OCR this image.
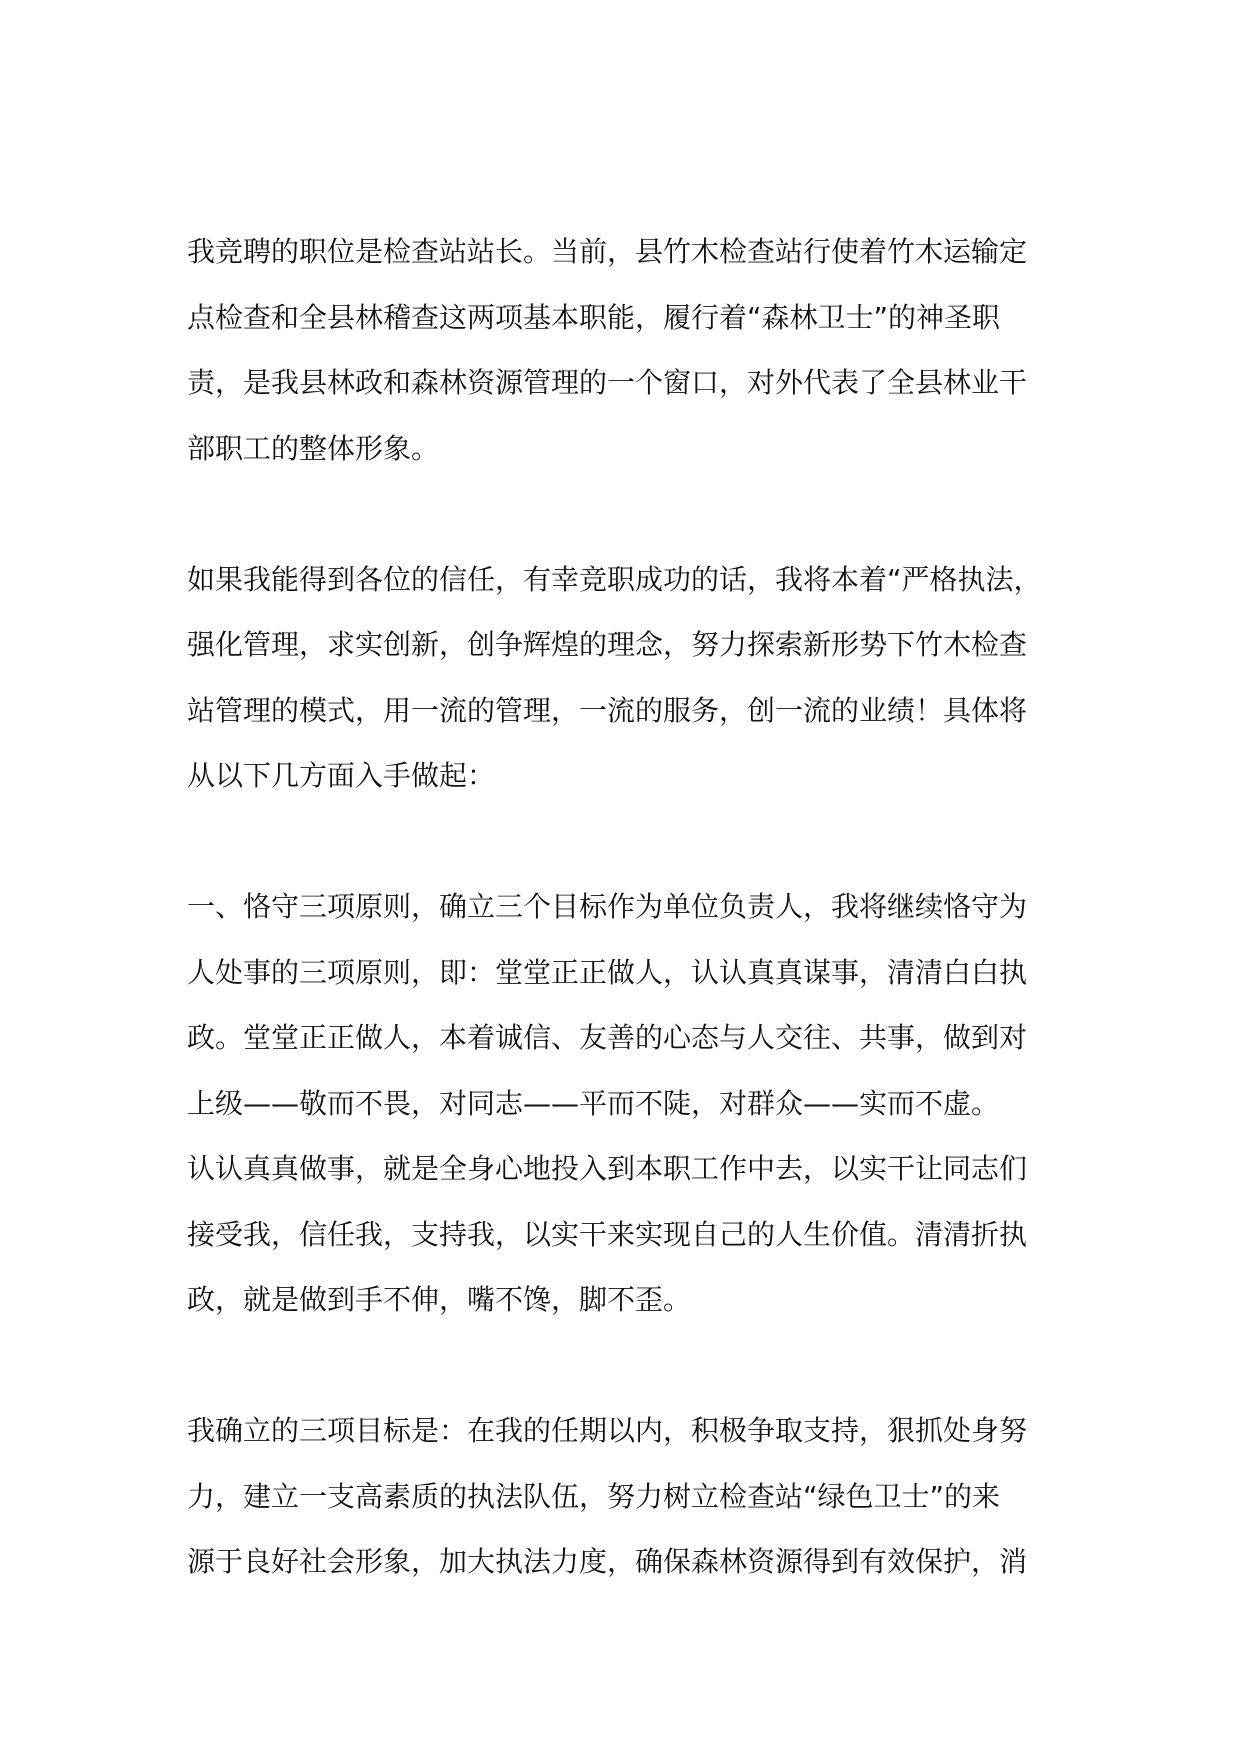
我竞聘的职位是检查站站长。当前，县竹木检查站行使着竹木运输定
点检查和全县林稽查这两项基本职能，履行着“森林卫士”的神圣职
责，是我县林政和森林资源管理的一个窗口，对外代表了全县林业干
部职工的整体形象。
如果我能得到各位的信任，有幸竞职成功的话，我将本着“严格执法，
强化管理，求实创新，创争辉煌的理念，努力探索新形势下竹木检查
站管理的模式，用一流的管理，一流的服务，创一流的业绩！具体将
从以下几方面入手做起：
一、恪守三项原则，确立三个目标作为单位负责人，我将继续恪守为
人处事的三项原则，即：堂堂正正做人，认认真真谋事，清清白白执
政。堂堂正正做人，本着诚信、友善的心态与人交往、共事，做到对
上级——敬而不畏，对同志——平而不陡，对群众——实而不虚。
认认真真做事，就是全身心地投入到本职工作中去，以实干让同志们
接受我，信任我，支持我，以实干来实现自己的人生价值。清清折执
政，就是做到手不伸，嘴不馋，脚不歪。
我确立的三项目标是：在我的任期以内，积极争取支持，狠抓处身努
力，建立一支高素质的执法队伍，努力树立检查站“绿色卫士”的来
源于良好社会形象，加大执法力度，确保森林资源得到有效保护，消
